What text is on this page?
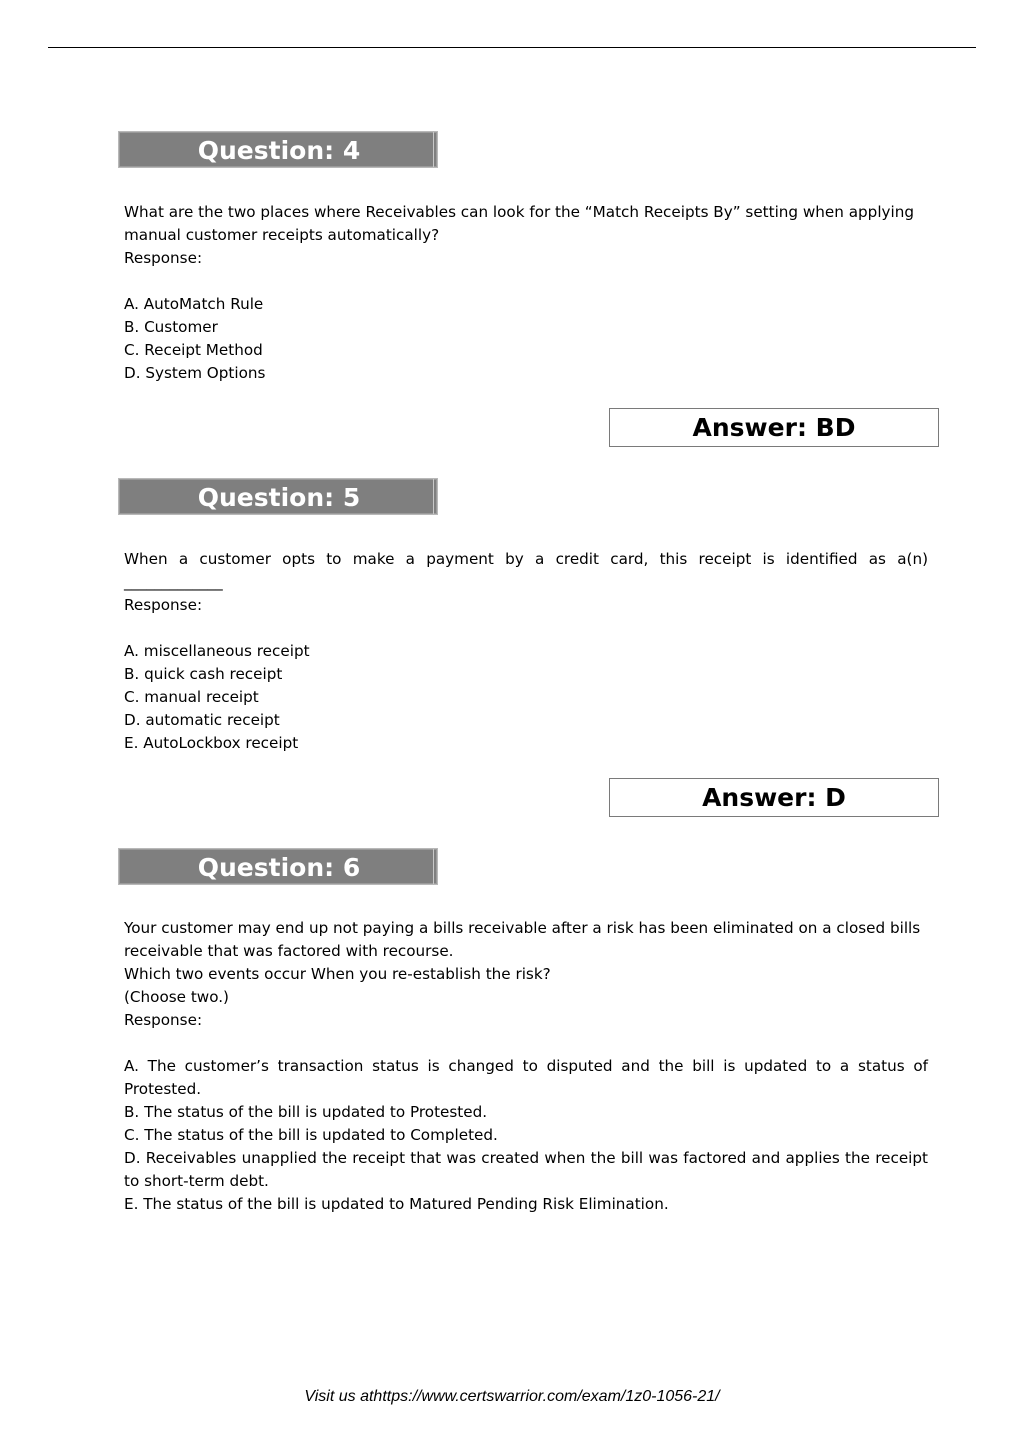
Question: 4

What are the two places where Receivables can look for the “Match Receipts By” setting when applying manual customer receipts automatically?

Response:

A. AutoMatch Rule

B. Customer

C. Receipt Method

D. System Options

Answer: BD
Question: 5

When a customer opts to make a payment by a credit card, this receipt is identified as a(n)

_____________

Response:

A. miscellaneous receipt

B. quick cash receipt

C. manual receipt

D. automatic receipt

E. AutoLockbox receipt

Answer: D
Question: 6

Your customer may end up not paying a bills receivable after a risk has been eliminated on a closed bills receivable that was factored with recourse.

Which two events occur When you re-establish the risk?

(Choose two.)

Response:

A. The customer’s transaction status is changed to disputed and the bill is updated to a status of Protested.

B. The status of the bill is updated to Protested.

C. The status of the bill is updated to Completed.

D. Receivables unapplied the receipt that was created when the bill was factored and applies the receipt to short-term debt.

E. The status of the bill is updated to Matured Pending Risk Elimination.

Visit us athttps://www.certswarrior.com/exam/1z0-1056-21/
